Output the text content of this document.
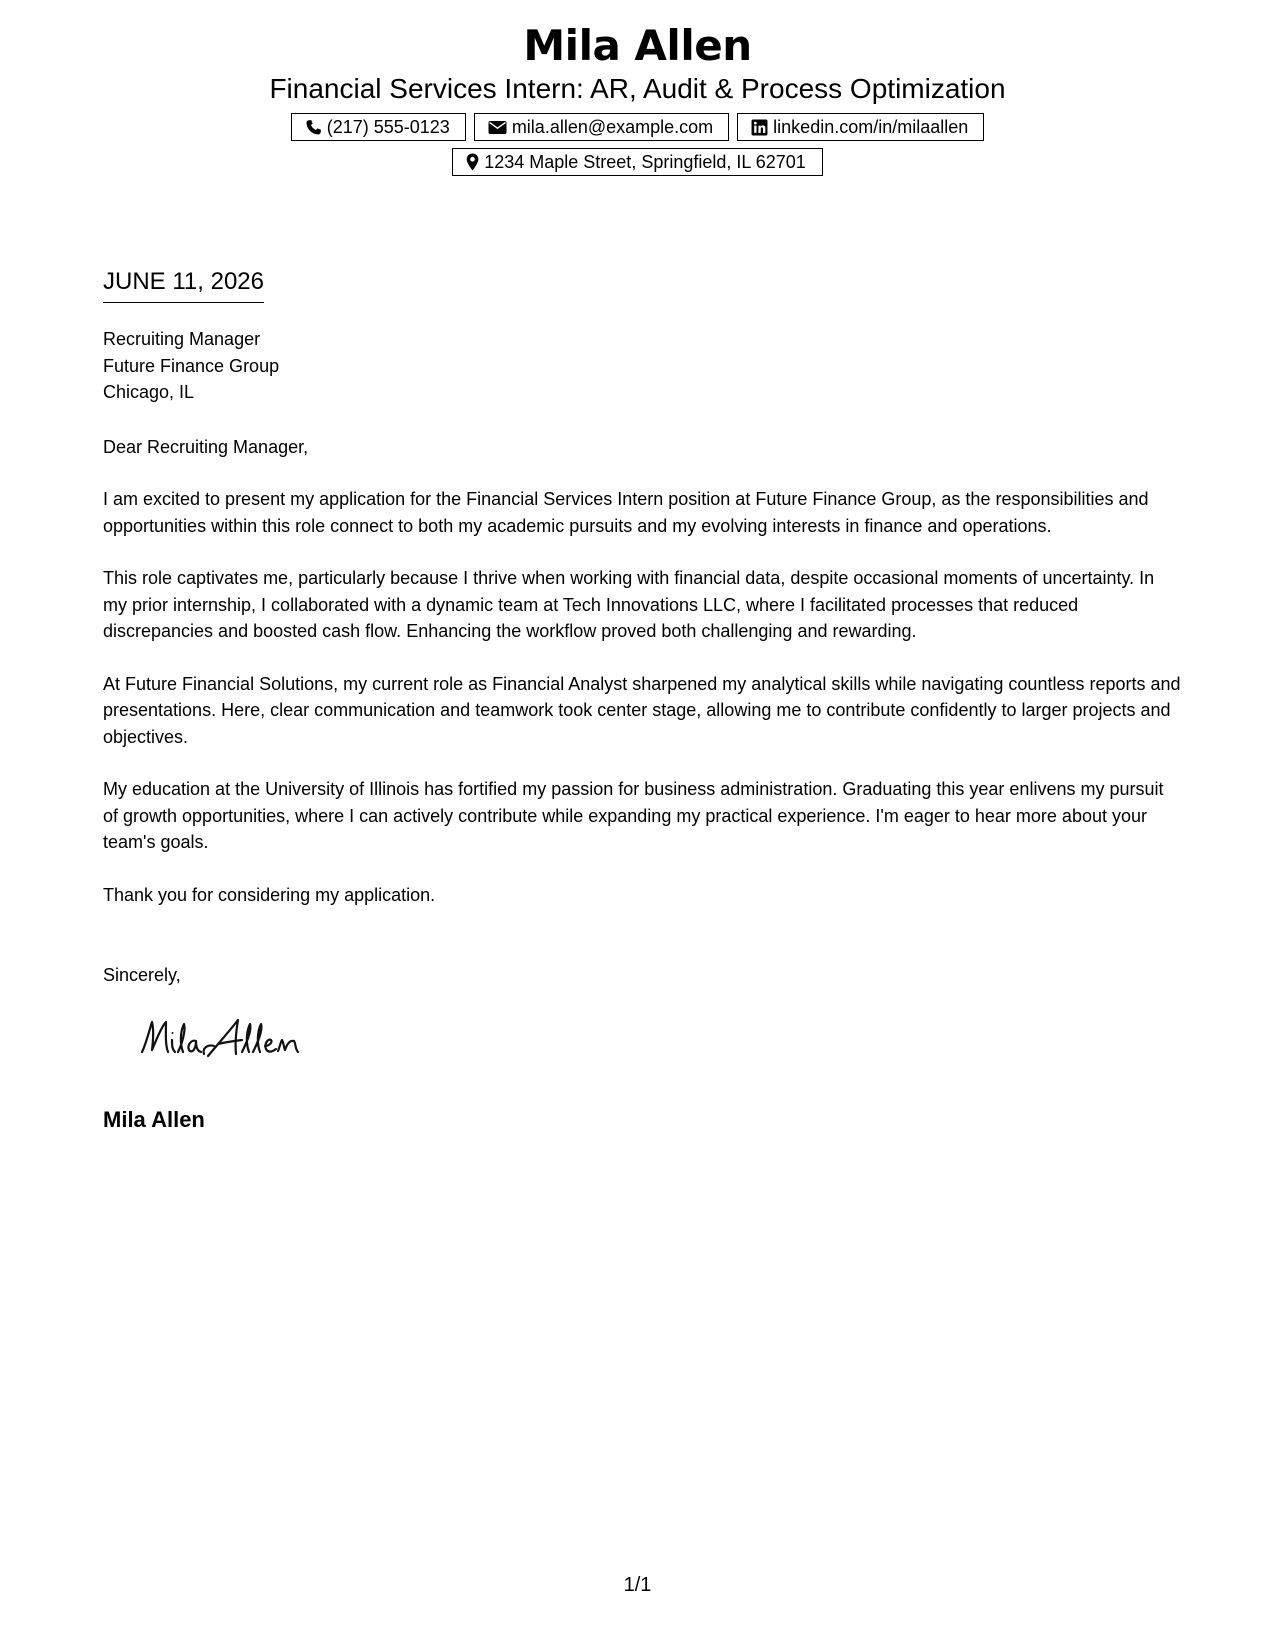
Mila Allen

Financial Services Intern: AR, Audit & Process Optimization

(217) 555-0123	mila.allen@example.com	linkedin.com/in/milaallen
1234 Maple Street, Springfield, IL 62701
JUNE 11, 2026

Recruiting Manager

Future Finance Group

Chicago, IL

Dear Recruiting Manager,

I am excited to present my application for the Financial Services Intern position at Future Finance Group, as the responsibilities and opportunities within this role connect to both my academic pursuits and my evolving interests in finance and operations.

This role captivates me, particularly because I thrive when working with financial data, despite occasional moments of uncertainty. In my prior internship, I collaborated with a dynamic team at Tech Innovations LLC, where I facilitated processes that reduced discrepancies and boosted cash flow. Enhancing the workflow proved both challenging and rewarding.

At Future Financial Solutions, my current role as Financial Analyst sharpened my analytical skills while navigating countless reports and presentations. Here, clear communication and teamwork took center stage, allowing me to contribute confidently to larger projects and objectives.

My education at the University of Illinois has fortified my passion for business administration. Graduating this year enlivens my pursuit of growth opportunities, where I can actively contribute while expanding my practical experience. I'm eager to hear more about your team's goals.

Thank you for considering my application.

Sincerely,
Mila Allen
1/1
